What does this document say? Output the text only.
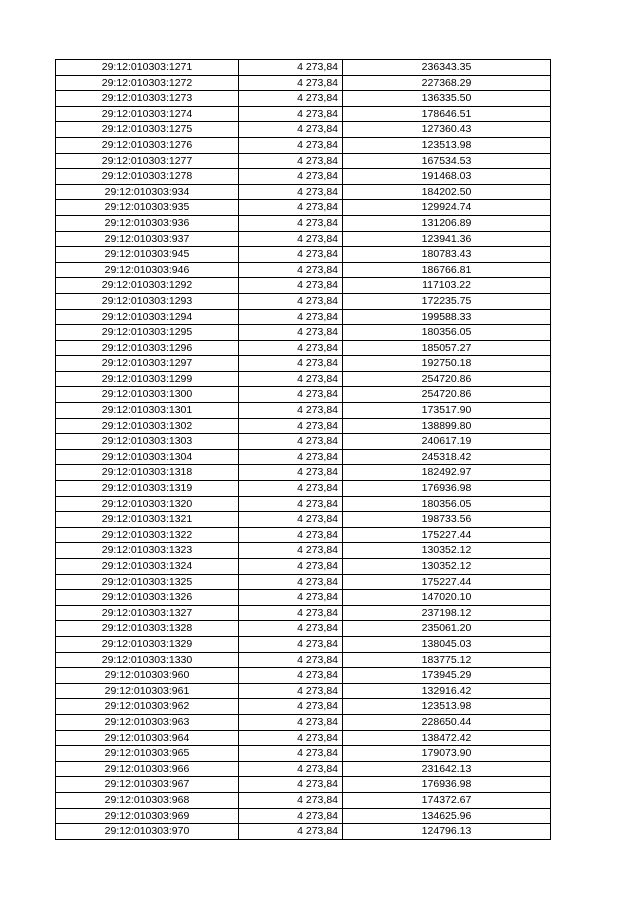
29:12:010303:1271	4 273,84	236343.35
29:12:010303:1272	4 273,84	227368.29
29:12:010303:1273	4 273,84	136335.50
29:12:010303:1274	4 273,84	178646.51
29:12:010303:1275	4 273,84	127360.43
29:12:010303:1276	4 273,84	123513.98
29:12:010303:1277	4 273,84	167534.53
29:12:010303:1278	4 273,84	191468.03
29:12:010303:934	4 273,84	184202.50
29:12:010303:935	4 273,84	129924.74
29:12:010303:936	4 273,84	131206.89
29:12:010303:937	4 273,84	123941.36
29:12:010303:945	4 273,84	180783.43
29:12:010303:946	4 273,84	186766.81
29:12:010303:1292	4 273,84	117103.22
29:12:010303:1293	4 273,84	172235.75
29:12:010303:1294	4 273,84	199588.33
29:12:010303:1295	4 273,84	180356.05
29:12:010303:1296	4 273,84	185057.27
29:12:010303:1297	4 273,84	192750.18
29:12:010303:1299	4 273,84	254720.86
29:12:010303:1300	4 273,84	254720.86
29:12:010303:1301	4 273,84	173517.90
29:12:010303:1302	4 273,84	138899.80
29:12:010303:1303	4 273,84	240617.19
29:12:010303:1304	4 273,84	245318.42
29:12:010303:1318	4 273,84	182492.97
29:12:010303:1319	4 273,84	176936.98
29:12:010303:1320	4 273,84	180356.05
29:12:010303:1321	4 273,84	198733.56
29:12:010303:1322	4 273,84	175227.44
29:12:010303:1323	4 273,84	130352.12
29:12:010303:1324	4 273,84	130352.12
29:12:010303:1325	4 273,84	175227.44
29:12:010303:1326	4 273,84	147020.10
29:12:010303:1327	4 273,84	237198.12
29:12:010303:1328	4 273,84	235061.20
29:12:010303:1329	4 273,84	138045.03
29:12:010303:1330	4 273,84	183775.12
29:12:010303:960	4 273,84	173945.29
29:12:010303:961	4 273,84	132916.42
29:12:010303:962	4 273,84	123513.98
29:12:010303:963	4 273,84	228650.44
29:12:010303:964	4 273,84	138472.42
29:12:010303:965	4 273,84	179073.90
29:12:010303:966	4 273,84	231642.13
29:12:010303:967	4 273,84	176936.98
29:12:010303:968	4 273,84	174372.67
29:12:010303:969	4 273,84	134625.96
29:12:010303:970	4 273,84	124796.13
